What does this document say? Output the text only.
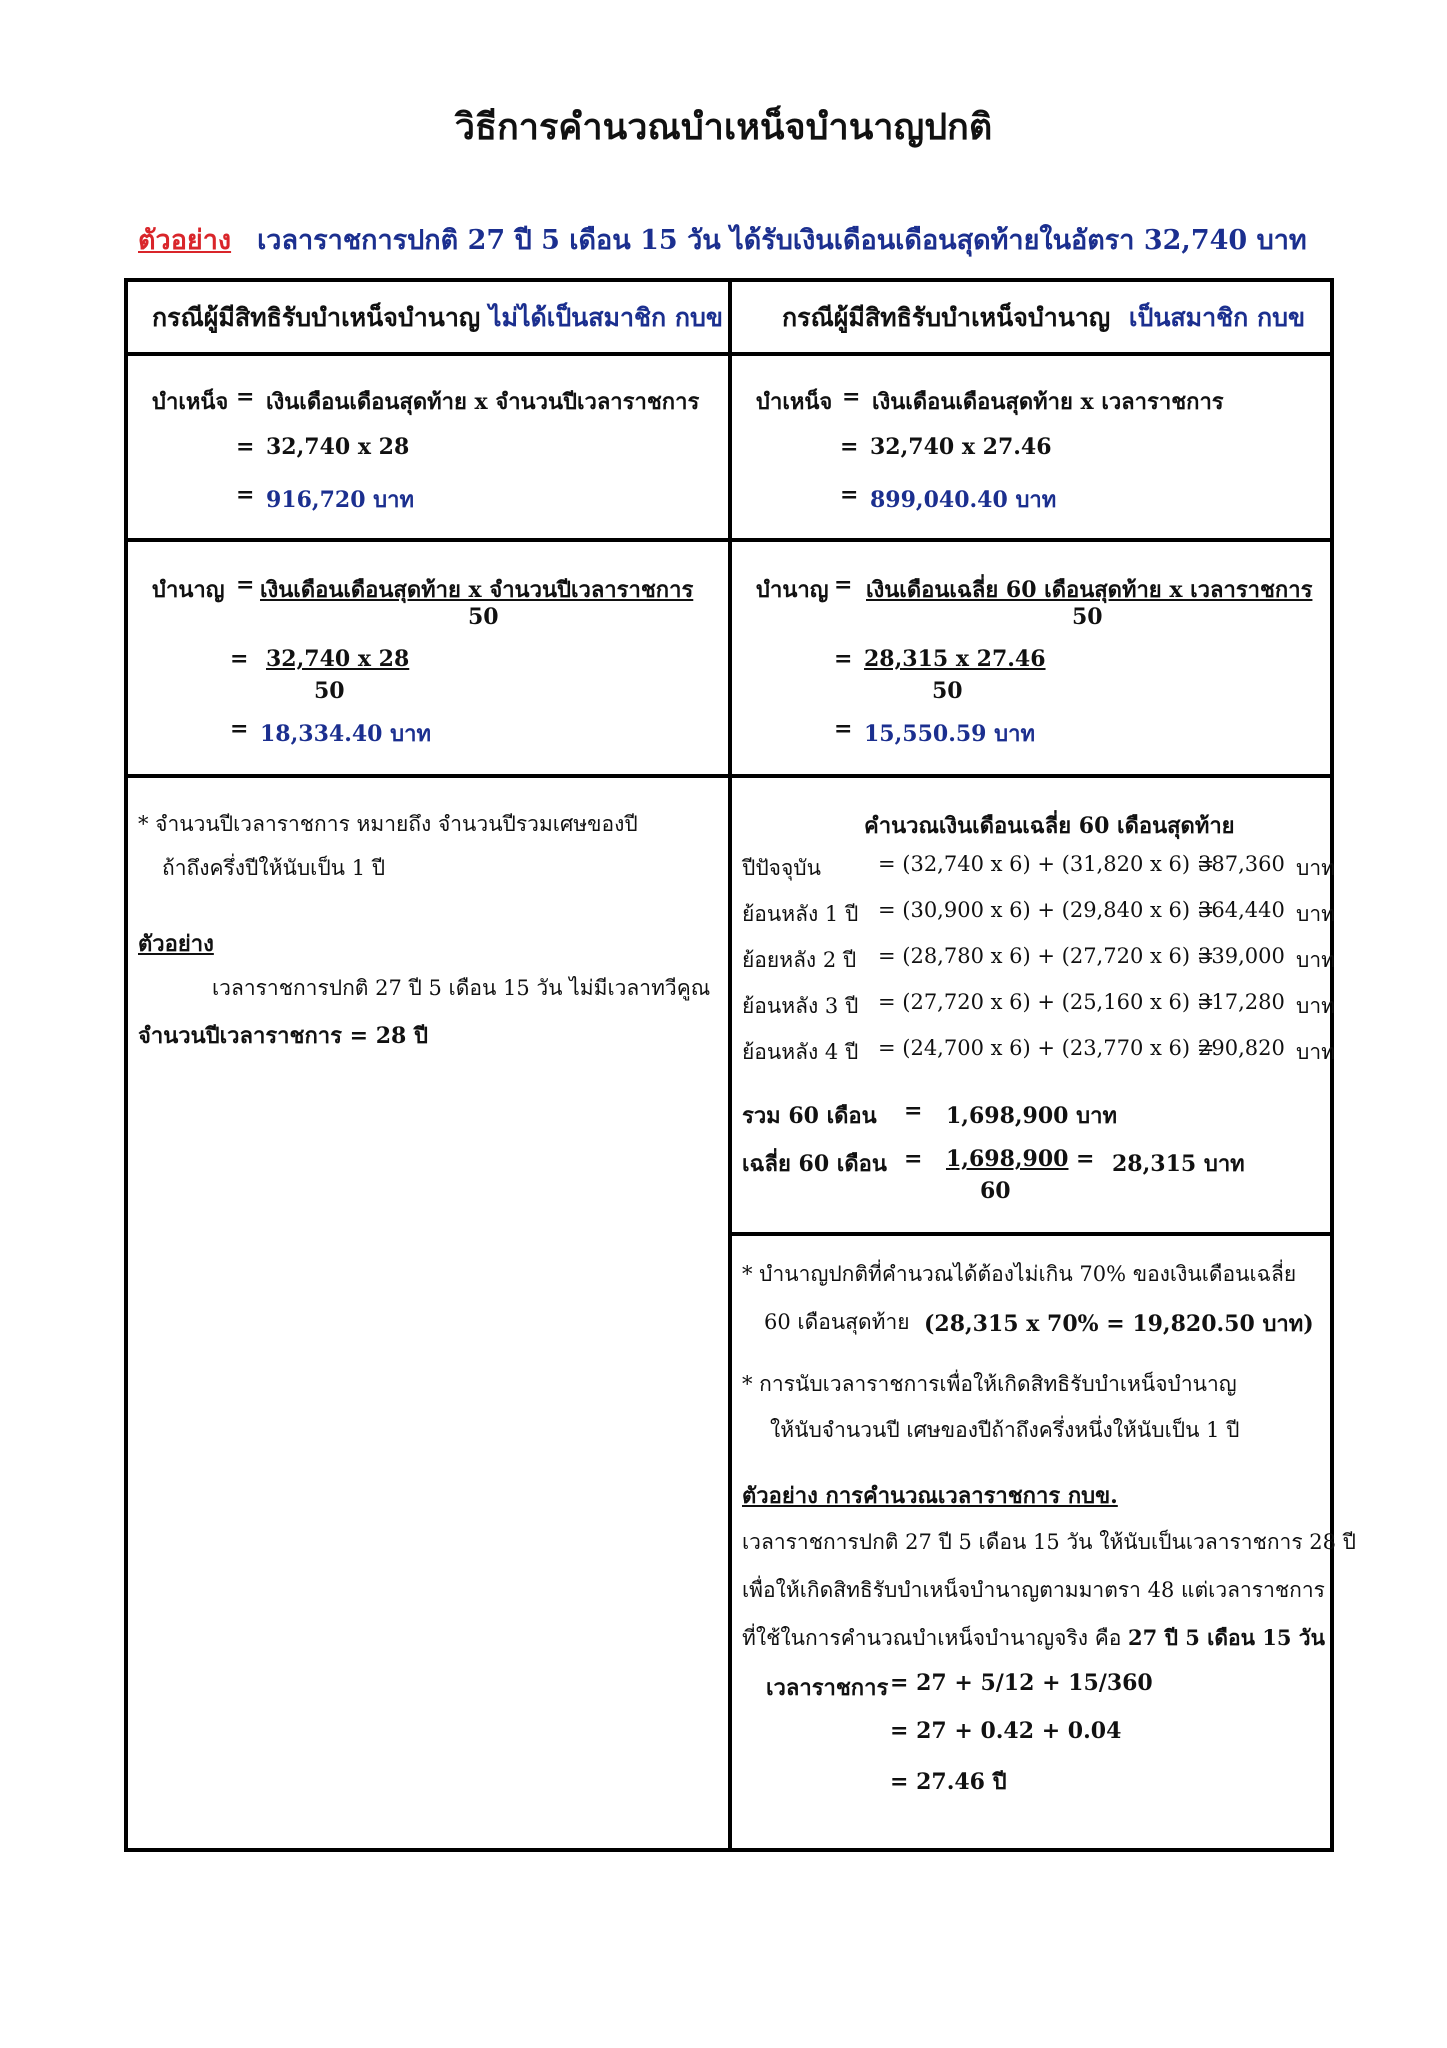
วิธีการคำนวณบำเหน็จบำนาญปกติ
ตัวอย่าง เวลาราชการปกติ 27 ปี 5 เดือน 15 วัน ได้รับเงินเดือนเดือนสุดท้ายในอัตรา 32,740 บาท
กรณีผู้มีสิทธิรับบำเหน็จบำนาญ ไม่ได้เป็นสมาชิก กบข กรณีผู้มีสิทธิรับบำเหน็จบำนาญ เป็นสมาชิก กบข
บำเหน็จ = เงินเดือนเดือนสุดท้าย x จำนวนปีเวลาราชการ
= 32,740 x 28
= 916,720 บาท
บำนาญ = เงินเดือนเดือนสุดท้าย x จำนวนปีเวลาราชการ
50
= 32,740 x 28
50
= 18,334.40 บาท
* จำนวนปีเวลาราชการ หมายถึง จำนวนปีรวมเศษของปี
ถ้าถึงครึ่งปีให้นับเป็น 1 ปี
ตัวอย่าง
เวลาราชการปกติ 27 ปี 5 เดือน 15 วัน ไม่มีเวลาทวีคูณ
จำนวนปีเวลาราชการ = 28 ปี
บำเหน็จ = เงินเดือนเดือนสุดท้าย x เวลาราชการ
= 32,740 x 27.46
= 899,040.40 บาท
บำนาญ = เงินเดือนเฉลี่ย 60 เดือนสุดท้าย x เวลาราชการ
50
= 28,315 x 27.46
50
= 15,550.59 บาท
คำนวณเงินเดือนเฉลี่ย 60 เดือนสุดท้าย
ปีปัจจุบัน	= (32,740 x 6) + (31,820 x 6) =
387,360 บาท
ย้อนหลัง 1 ปี = (30,900 x 6) + (29,840 x 6) =
364,440 บาท
ย้อยหลัง 2 ปี = (28,780 x 6) + (27,720 x 6) =
339,000 บาท
ย้อนหลัง 3 ปี = (27,720 x 6) + (25,160 x 6) =
317,280 บาท
ย้อนหลัง 4 ปี = (24,700 x 6) + (23,770 x 6) =
290,820 บาท
รวม 60 เดือน = 1,698,900 บาท
เฉลี่ย 60 เดือน = 1,698,900
60
= 28,315 บาท
* บำนาญปกติที่คำนวณได้ต้องไม่เกิน 70% ของเงินเดือนเฉลี่ย
60 เดือนสุดท้าย (28,315 x 70% = 19,820.50 บาท)
* การนับเวลาราชการเพื่อให้เกิดสิทธิรับบำเหน็จบำนาญ
ให้นับจำนวนปี เศษของปีถ้าถึงครึ่งหนึ่งให้นับเป็น 1 ปี
ตัวอย่าง การคำนวณเวลาราชการ กบข.
เวลาราชการปกติ 27 ปี 5 เดือน 15 วัน ให้นับเป็นเวลาราชการ 28 ปี
เพื่อให้เกิดสิทธิรับบำเหน็จบำนาญตามมาตรา 48 แต่เวลาราชการ
ที่ใช้ในการคำนวณบำเหน็จบำนาญจริง คือ 27 ปี 5 เดือน 15 วัน
เวลาราชการ = 27 + 5/12 + 15/360
= 27 + 0.42 + 0.04
= 27.46 ปี
